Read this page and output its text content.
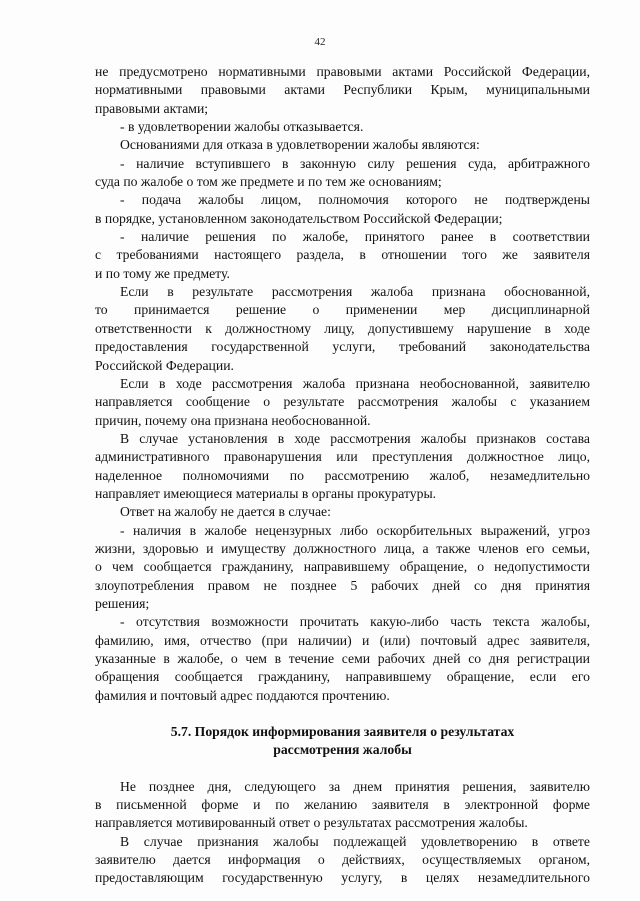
42
не предусмотрено нормативными правовыми актами Российской Федерации,
нормативными правовыми актами Республики Крым, муниципальными
правовыми актами;
- в удовлетворении жалобы отказывается.
Основаниями для отказа в удовлетворении жалобы являются:
- наличие вступившего в законную силу решения суда, арбитражного
суда по жалобе о том же предмете и по тем же основаниям;
- подача жалобы лицом, полномочия которого не подтверждены
в порядке, установленном законодательством Российской Федерации;
- наличие решения по жалобе, принятого ранее в соответствии
с требованиями настоящего раздела, в отношении того же заявителя
и по тому же предмету.
Если в результате рассмотрения жалоба признана обоснованной,
то принимается решение о применении мер дисциплинарной
ответственности к должностному лицу, допустившему нарушение в ходе
предоставления государственной услуги, требований законодательства
Российской Федерации.
Если в ходе рассмотрения жалоба признана необоснованной, заявителю
направляется сообщение о результате рассмотрения жалобы с указанием
причин, почему она признана необоснованной.
В случае установления в ходе рассмотрения жалобы признаков состава
административного правонарушения или преступления должностное лицо,
наделенное полномочиями по рассмотрению жалоб, незамедлительно
направляет имеющиеся материалы в органы прокуратуры.
Ответ на жалобу не дается в случае:
- наличия в жалобе нецензурных либо оскорбительных выражений, угроз
жизни, здоровью и имуществу должностного лица, а также членов его семьи,
о чем сообщается гражданину, направившему обращение, о недопустимости
злоупотребления правом не позднее 5 рабочих дней со дня принятия
решения;
- отсутствия возможности прочитать какую-либо часть текста жалобы,
фамилию, имя, отчество (при наличии) и (или) почтовый адрес заявителя,
указанные в жалобе, о чем в течение семи рабочих дней со дня регистрации
обращения сообщается гражданину, направившему обращение, если его
фамилия и почтовый адрес поддаются прочтению.
5.7. Порядок информирования заявителя о результатах
рассмотрения жалобы
Не позднее дня, следующего за днем принятия решения, заявителю
в письменной форме и по желанию заявителя в электронной форме
направляется мотивированный ответ о результатах рассмотрения жалобы.
В случае признания жалобы подлежащей удовлетворению в ответе
заявителю дается информация о действиях, осуществляемых органом,
предоставляющим государственную услугу, в целях незамедлительного
